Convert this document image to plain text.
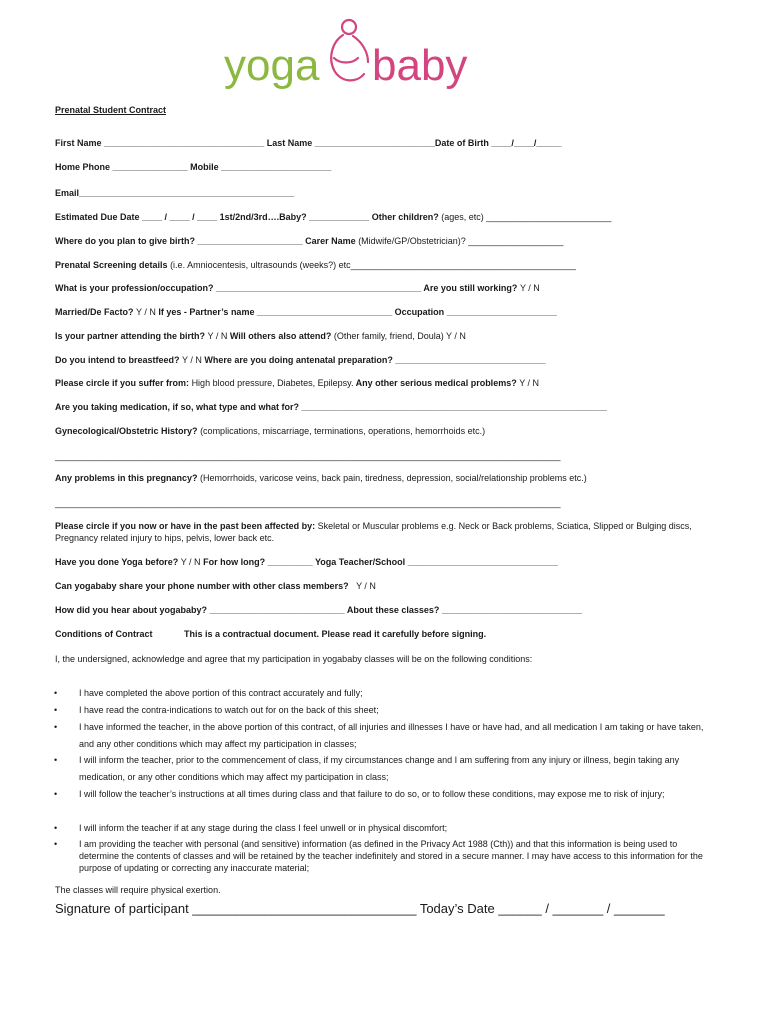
yoga baby
Prenatal Student Contract
First Name ________________________________ Last Name ________________________Date of Birth ____/____/_____
Home Phone _______________ Mobile ______________________
Email___________________________________________
Estimated Due Date ____ / ____ / ____ 1st/2nd/3rd….Baby? ____________ Other children? (ages, etc) _________________________
Where do you plan to give birth? _____________________ Carer Name (Midwife/GP/Obstetrician)? ___________________
Prenatal Screening details (i.e. Amniocentesis, ultrasounds (weeks?) etc_____________________________________________
What is your profession/occupation? _________________________________________ Are you still working? Y / N
Married/De Facto? Y / N If yes - Partner’s name ___________________________ Occupation ______________________
Is your partner attending the birth? Y / N Will others also attend? (Other family, friend, Doula) Y / N
Do you intend to breastfeed? Y / N Where are you doing antenatal preparation? ______________________________
Please circle if you suffer from: High blood pressure, Diabetes, Epilepsy. Any other serious medical problems? Y / N
Are you taking medication, if so, what type and what for? _____________________________________________________________
Gynecological/Obstetric History? (complications, miscarriage, terminations, operations, hemorrhoids etc.)
_____________________________________________________________________________________________________
Any problems in this pregnancy? (Hemorrhoids, varicose veins, back pain, tiredness, depression, social/relationship problems etc.)
_____________________________________________________________________________________________________
Please circle if you now or have in the past been affected by: Skeletal or Muscular problems e.g. Neck or Back problems, Sciatica, Slipped or Bulging discs, Pregnancy related injury to hips, pelvis, lower back etc.
Have you done Yoga before? Y / N For how long? _________ Yoga Teacher/School ______________________________
Can yogababy share your phone number with other class members? Y / N
How did you hear about yogababy? ___________________________ About these classes? ____________________________
Conditions of Contract	This is a contractual document. Please read it carefully before signing.
I, the undersigned, acknowledge and agree that my participation in yogababy classes will be on the following conditions:
•	I have completed the above portion of this contract accurately and fully;
•	I have read the contra-indications to watch out for on the back of this sheet;
•	I have informed the teacher, in the above portion of this contract, of all injuries and illnesses I have or have had, and all medication I am taking or have taken, and any other conditions which may affect my participation in classes;
•	I will inform the teacher, prior to the commencement of class, if my circumstances change and I am suffering from any injury or illness, begin taking any medication, or any other conditions which may affect my participation in class;
•	I will follow the teacher’s instructions at all times during class and that failure to do so, or to follow these conditions, may expose me to risk of injury;
•	I will inform the teacher if at any stage during the class I feel unwell or in physical discomfort;
•	I am providing the teacher with personal (and sensitive) information (as defined in the Privacy Act 1988 (Cth)) and that this information is being used to determine the contents of classes and will be retained by the teacher indefinitely and stored in a secure manner. I may have access to this information for the purpose of updating or correcting any inaccurate material;
The classes will require physical exertion.
Signature of participant _______________________________ Today’s Date ______ / _______ / _______
